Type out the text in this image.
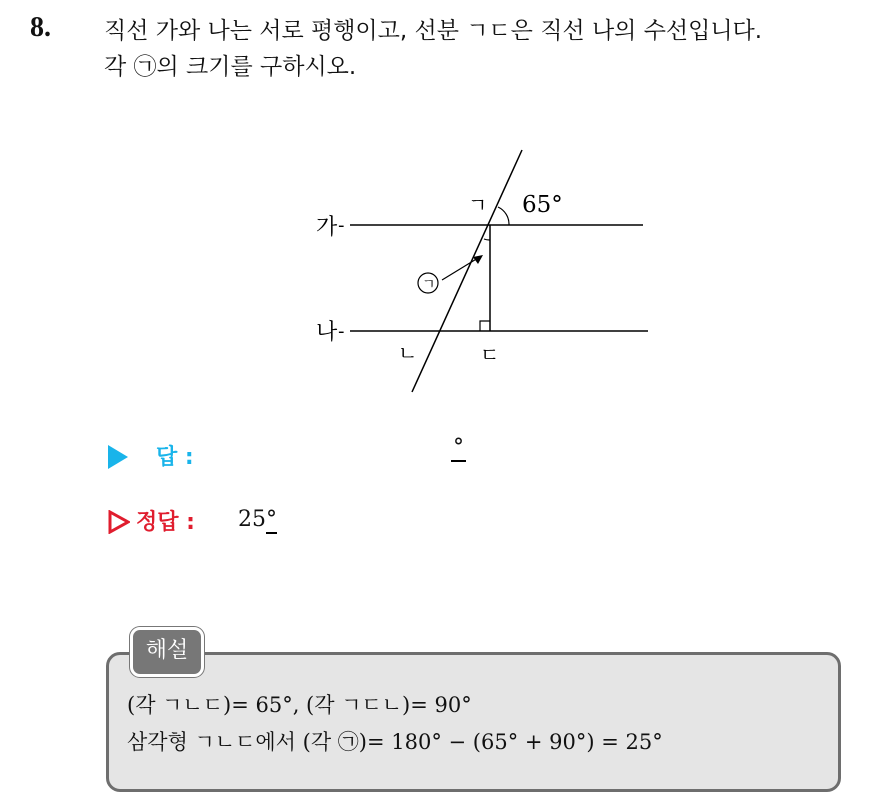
8. 직선 가와 나는 서로 평행이고, 선분 ㄱㄷ은 직선 나의 수선입니다.

각 ㉠의 크기를 구하시오.

가 -
나 -
ㄱ
ㄴ	ㄷ
65°
ㄱ
답 :	°
정답 : 25°
해설

(각 ㄱㄴㄷ)= 65°, (각 ㄱㄷㄴ)= 90°

삼각형 ㄱㄴㄷ에서 (각 ㉠)= 180° − (65° + 90°) = 25°
